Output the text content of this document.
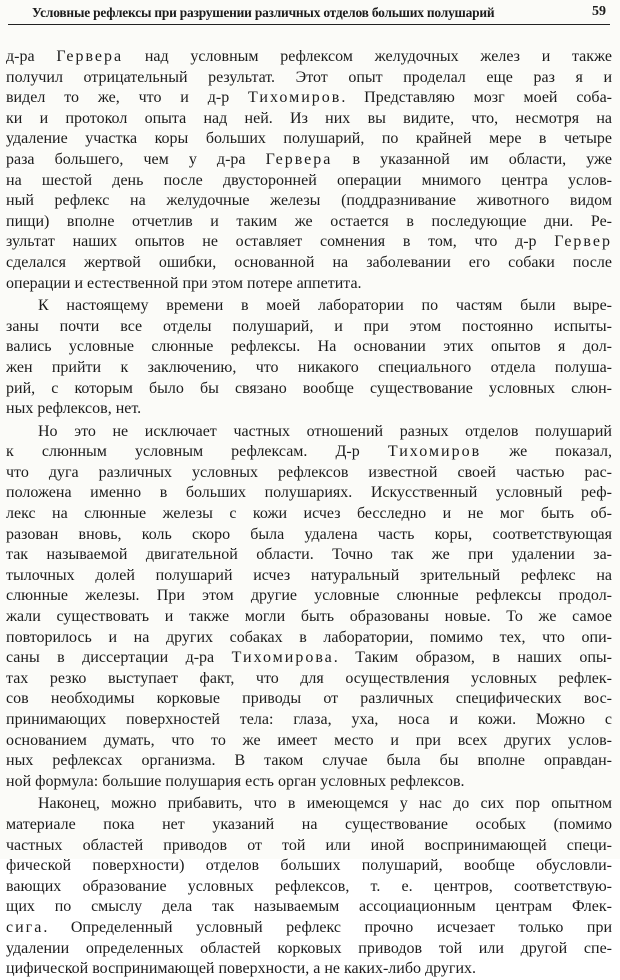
Условные рефлексы при разрушении различных отделов больших полушарий	59
д-ра Гервера над условным рефлексом желудочных желез и также
получил отрицательный результат. Этот опыт проделал еще раз я и
видел то же, что и д-р Тихомиров. Представляю мозг моей соба-
ки и протокол опыта над ней. Из них вы видите, что, несмотря на
удаление участка коры больших полушарий, по крайней мере в четыре
раза большего, чем у д-ра Гервера в указанной им области, уже
на шестой день после двусторонней операции мнимого центра услов-
ный рефлекс на желудочные железы (поддразнивание животного видом
пищи) вполне отчетлив и таким же остается в последующие дни. Ре-
зультат наших опытов не оставляет сомнения в том, что д-р Гервер
сделался жертвой ошибки, основанной на заболевании его собаки после
операции и естественной при этом потере аппетита.
К настоящему времени в моей лаборатории по частям были выре-
заны почти все отделы полушарий, и при этом постоянно испыты-
вались условные слюнные рефлексы. На основании этих опытов я дол-
жен прийти к заключению, что никакого специального отдела полуша-
рий, с которым было бы связано вообще существование условных слюн-
ных рефлексов, нет.
Но это не исключает частных отношений разных отделов полушарий
к слюнным условным рефлексам. Д-р Тихомиров же показал,
что дуга различных условных рефлексов известной своей частью рас-
положена именно в больших полушариях. Искусственный условный реф-
лекс на слюнные железы с кожи исчез бесследно и не мог быть об-
разован вновь, коль скоро была удалена часть коры, соответствующая
так называемой двигательной области. Точно так же при удалении за-
тылочных долей полушарий исчез натуральный зрительный рефлекс на
слюнные железы. При этом другие условные слюнные рефлексы продол-
жали существовать и также могли быть образованы новые. То же самое
повторилось и на других собаках в лаборатории, помимо тех, что опи-
саны в диссертации д-ра Тихомирова. Таким образом, в наших опы-
тах резко выступает факт, что для осуществления условных рефлек-
сов необходимы корковые приводы от различных специфических вос-
принимающих поверхностей тела: глаза, уха, носа и кожи. Можно с
основанием думать, что то же имеет место и при всех других услов-
ных рефлексах организма. В таком случае была бы вполне оправдан-
ной формула: большие полушария есть орган условных рефлексов.
Наконец, можно прибавить, что в имеющемся у нас до сих пор опытном
материале пока нет указаний на существование особых (помимо
частных областей приводов от той или иной воспринимающей специ-
фической поверхности) отделов больших полушарий, вообще обусловли-
вающих образование условных рефлексов, т. е. центров, соответствую-
щих по смыслу дела так называемым ассоциационным центрам Флек-
сига. Определенный условный рефлекс прочно исчезает только при
удалении определенных областей корковых приводов той или другой спе-
цифической воспринимающей поверхности, а не каких-либо других.
